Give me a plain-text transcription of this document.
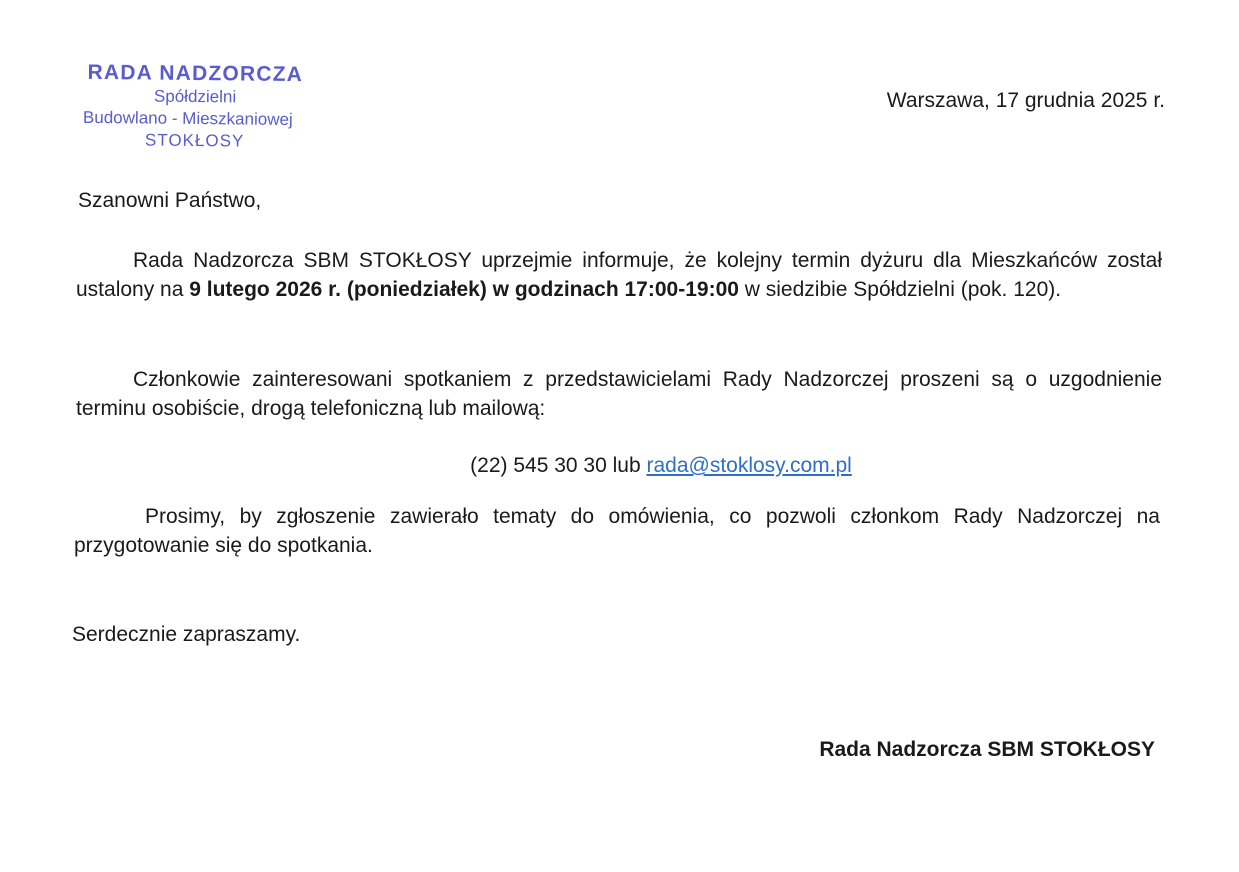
RADA NADZORCZA
Spółdzielni
Budowlano - Mieszkaniowej
STOKŁOSY
Warszawa, 17 grudnia 2025 r.
Szanowni Państwo,
Rada Nadzorcza SBM STOKŁOSY uprzejmie informuje, że kolejny termin dyżuru dla Mieszkańców został ustalony na 9 lutego 2026 r. (poniedziałek) w godzinach 17:00-19:00 w siedzibie Spółdzielni (pok. 120).
Członkowie zainteresowani spotkaniem z przedstawicielami Rady Nadzorczej proszeni są o uzgodnienie terminu osobiście, drogą telefoniczną lub mailową:
(22) 545 30 30 lub rada@stoklosy.com.pl
Prosimy, by zgłoszenie zawierało tematy do omówienia, co pozwoli członkom Rady Nadzorczej na przygotowanie się do spotkania.
Serdecznie zapraszamy.
Rada Nadzorcza SBM STOKŁOSY
